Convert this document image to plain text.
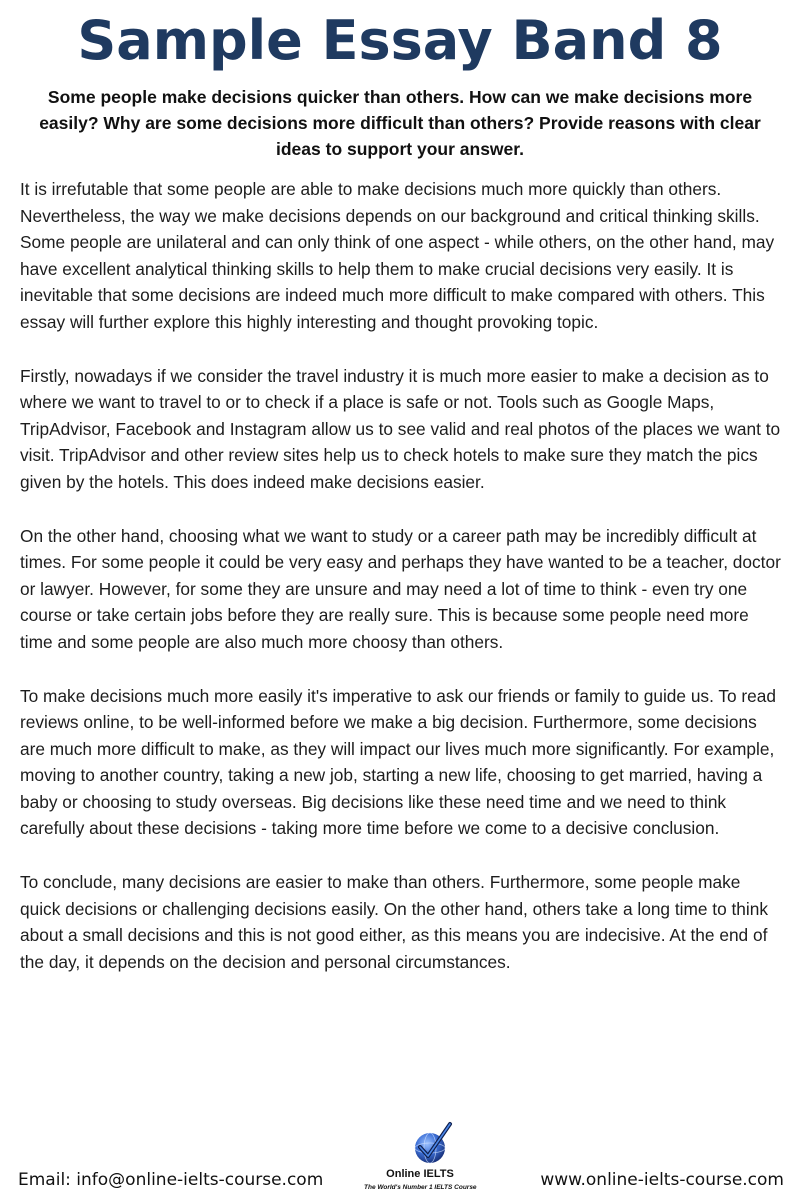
Sample Essay Band 8
Some people make decisions quicker than others. How can we make decisions more easily? Why are some decisions more difficult than others? Provide reasons with clear ideas to support your answer.

It is irrefutable that some people are able to make decisions much more quickly than others. Nevertheless, the way we make decisions depends on our background and critical thinking skills. Some people are unilateral and can only think of one aspect - while others, on the other hand, may have excellent analytical thinking skills to help them to make crucial decisions very easily. It is inevitable that some decisions are indeed much more difficult to make compared with others. This essay will further explore this highly interesting and thought provoking topic.

Firstly, nowadays if we consider the travel industry it is much more easier to make a decision as to where we want to travel to or to check if a place is safe or not. Tools such as Google Maps, TripAdvisor, Facebook and Instagram allow us to see valid and real photos of the places we want to visit. TripAdvisor and other review sites help us to check hotels to make sure they match the pics given by the hotels. This does indeed make decisions easier.

On the other hand, choosing what we want to study or a career path may be incredibly difficult at times. For some people it could be very easy and perhaps they have wanted to be a teacher, doctor or lawyer. However, for some they are unsure and may need a lot of time to think - even try one course or take certain jobs before they are really sure. This is because some people need more time and some people are also much more choosy than others.

To make decisions much more easily it's imperative to ask our friends or family to guide us. To read reviews online, to be well-informed before we make a big decision. Furthermore, some decisions are much more difficult to make, as they will impact our lives much more significantly. For example, moving to another country, taking a new job, starting a new life, choosing to get married, having a baby or choosing to study overseas. Big decisions like these need time and we need to think carefully about these decisions - taking more time before we come to a decisive conclusion.

To conclude, many decisions are easier to make than others. Furthermore, some people make quick decisions or challenging decisions easily. On the other hand, others take a long time to think about a small decisions and this is not good either, as this means you are indecisive. At the end of the day, it depends on the decision and personal circumstances.

Email: info@online-ielts-course.com	Online IELTS
The World's Number 1 IELTS Course	www.online-ielts-course.com
